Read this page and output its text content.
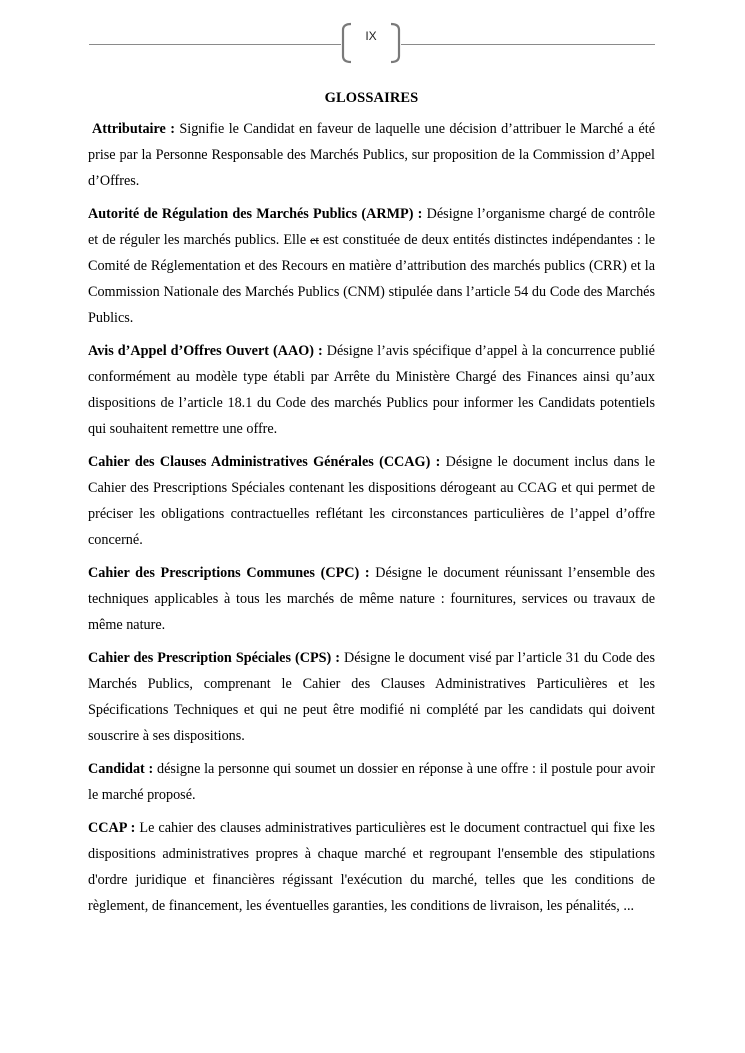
IX
GLOSSAIRES

Attributaire : Signifie le Candidat en faveur de laquelle une décision d’attribuer le Marché a été prise par la Personne Responsable des Marchés Publics, sur proposition de la Commission d’Appel d’Offres.

Autorité de Régulation des Marchés Publics (ARMP) : Désigne l’organisme chargé de contrôle et de réguler les marchés publics. Elle et est constituée de deux entités distinctes indépendantes : le Comité de Réglementation et des Recours en matière d’attribution des marchés publics (CRR) et la Commission Nationale des Marchés Publics (CNM) stipulée dans l’article 54 du Code des Marchés Publics.

Avis d’Appel d’Offres Ouvert (AAO) : Désigne l’avis spécifique d’appel à la concurrence publié conformément au modèle type établi par Arrête du Ministère Chargé des Finances ainsi qu’aux dispositions de l’article 18.1 du Code des marchés Publics pour informer les Candidats potentiels qui souhaitent remettre une offre.

Cahier des Clauses Administratives Générales (CCAG) : Désigne le document inclus dans le Cahier des Prescriptions Spéciales contenant les dispositions dérogeant au CCAG et qui permet de préciser les obligations contractuelles reflétant les circonstances particulières de l’appel d’offre concerné.

Cahier des Prescriptions Communes (CPC) : Désigne le document réunissant l’ensemble des techniques applicables à tous les marchés de même nature : fournitures, services ou travaux de même nature.

Cahier des Prescription Spéciales (CPS) : Désigne le document visé par l’article 31 du Code des Marchés Publics, comprenant le Cahier des Clauses Administratives Particulières et les Spécifications Techniques et qui ne peut être modifié ni complété par les candidats qui doivent souscrire à ses dispositions.

Candidat : désigne la personne qui soumet un dossier en réponse à une offre : il postule pour avoir le marché proposé.

CCAP : Le cahier des clauses administratives particulières est le document contractuel qui fixe les dispositions administratives propres à chaque marché et regroupant l'ensemble des stipulations d'ordre juridique et financières régissant l'exécution du marché, telles que les conditions de règlement, de financement, les éventuelles garanties, les conditions de livraison, les pénalités, ...
